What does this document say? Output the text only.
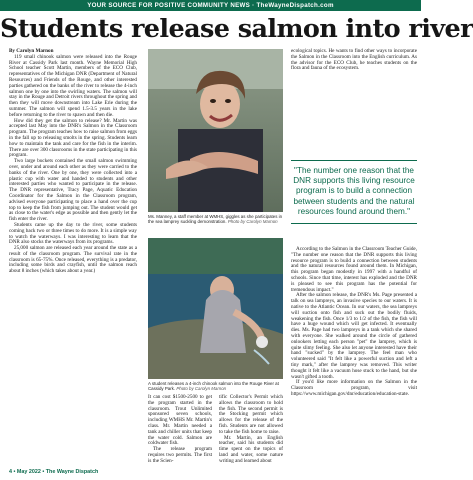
YOUR SOURCE FOR POSITIVE COMMUNITY NEWS · TheWayneDispatch.com
Students release salmon into river

By Carolyn Marnon

119 small chinook salmon were released into the Rouge River at Cassidy Park last month. Wayne Memorial High School teacher Scott Martin, members of the ECO Club, representatives of the Michigan DNR (Department of Natural Resources) and Friends of the Rouge, and other interested parties gathered on the banks of the river to release the 4-inch salmon one by one into the swirling waters. The salmon will stay in the Rouge and Detroit rivers throughout the spring and then they will move downstream into Lake Erie during the summer. The salmon will spend 1.5-3.5 years in the lake before returning to the river to spawn and then die.

How did they get the salmon to release? Mr. Martin was accepted last May into the DNR's Salmon in the Classroom program. The program teaches how to raise salmon from eggs in the fall up to releasing smolts in the spring. Students learn how to maintain the tank and care for the fish in the interim. There are over 300 classrooms in the state participating in this program.

Two large buckets contained the small salmon swimming over, under and around each other as they were carried to the banks of the river. One by one, they were collected into a plastic cup with water and handed to students and other interested parties who wanted to participate in the release. The DNR representative, Tracy Page, Aquatic Education Coordinator for the Salmon in the Classroom program, advised everyone participating to place a hand over the cup top to keep the fish from jumping out. The student would get as close to the water's edge as possible and then gently let the fish enter the river.

Students came up the day to the river, some students coming back two or three times to do more. It is a simple way to watch the waterways. I was interesting to learn that the DNR also stocks the waterways from its programs.

25,000 salmon are released each year around the state as a result of the classroom program. The survival rate in the classroom is 65-75%. Once released, everything is a predator, including some birds and crayfish, until the salmon reach about 8 inches (which takes about a year.)

Ms. Manney, a staff member at WMHS, giggles as she participates in the sea lamprey suckling demonstration. Photo by Carolyn Marnon
A student releases a 4-inch chinook salmon into the Rouge River at Cassidy Park. Photo by Carolyn Marnon

It can cost $1500-2500 to get the program started in the classroom. Trout Unlimited sponsored seven schools, including WMHS Mr. Martin's class. Mr. Martin needed a tank and chiller units that keep the water cold. Salmon are coldwater fish.

The release program requires two permits. The first is the Scien-

tific Collector's Permit which allows the classroom to hold the fish. The second permit is the Stocking permit which allows for the release of the fish. Students are not allowed to take the fish home to raise.

Mr. Martin, an English teacher, said his students did time spent on the topics of land and water, some nature writing and learned about

ecological topics. He wants to find other ways to incorporate the Salmon in the Classroom into the English curriculum. As the advisor for the ECO Club, he teaches students on the flora and fauna of the ecosystem.

"The number one reason that the DNR supports this living resource program is to build a connection between students and the natural resources found around them."

According to the Salmon in the Classroom Teacher Guide, "The number one reason that the DNR supports this living resource program is to build a connection between students and the natural resources found around them. In Michigan, this program began modestly in 1997 with a handful of schools. Since that time, interest has exploded and the DNR is pleased to see this program has the potential for tremendous impact."

After the salmon release, the DNR's Ms. Page presented a talk on sea lampreys, an invasive species to our waters. It is native to the Atlantic Ocean. In our waters, the sea lampreys will suction onto fish and suck out the bodily fluids, weakening the fish. Once 1/3 to 1/2 of the fish, the fish will have a huge wound which will get infected. It eventually dies. Ms. Page had two lampreys in a tank which she shared with everyone. She walked around the circle of gathered onlookers letting each person "pet" the lamprey, which is quite slimy feeling. She also let anyone interested have their hand "sucked" by the lamprey. The feel man who volunteered said "It felt like a powerful suction and left a tiny mark," after the lamprey was removed. This writer thought it felt like a vacuum hose stuck to the hand, but she wasn't gifted a tooth.

If you'd like more information on the Salmon in the Classroom program, visit https://www.michigan.gov/dnr/education/education-state.

4 • May 2022 • The Wayne Dispatch
